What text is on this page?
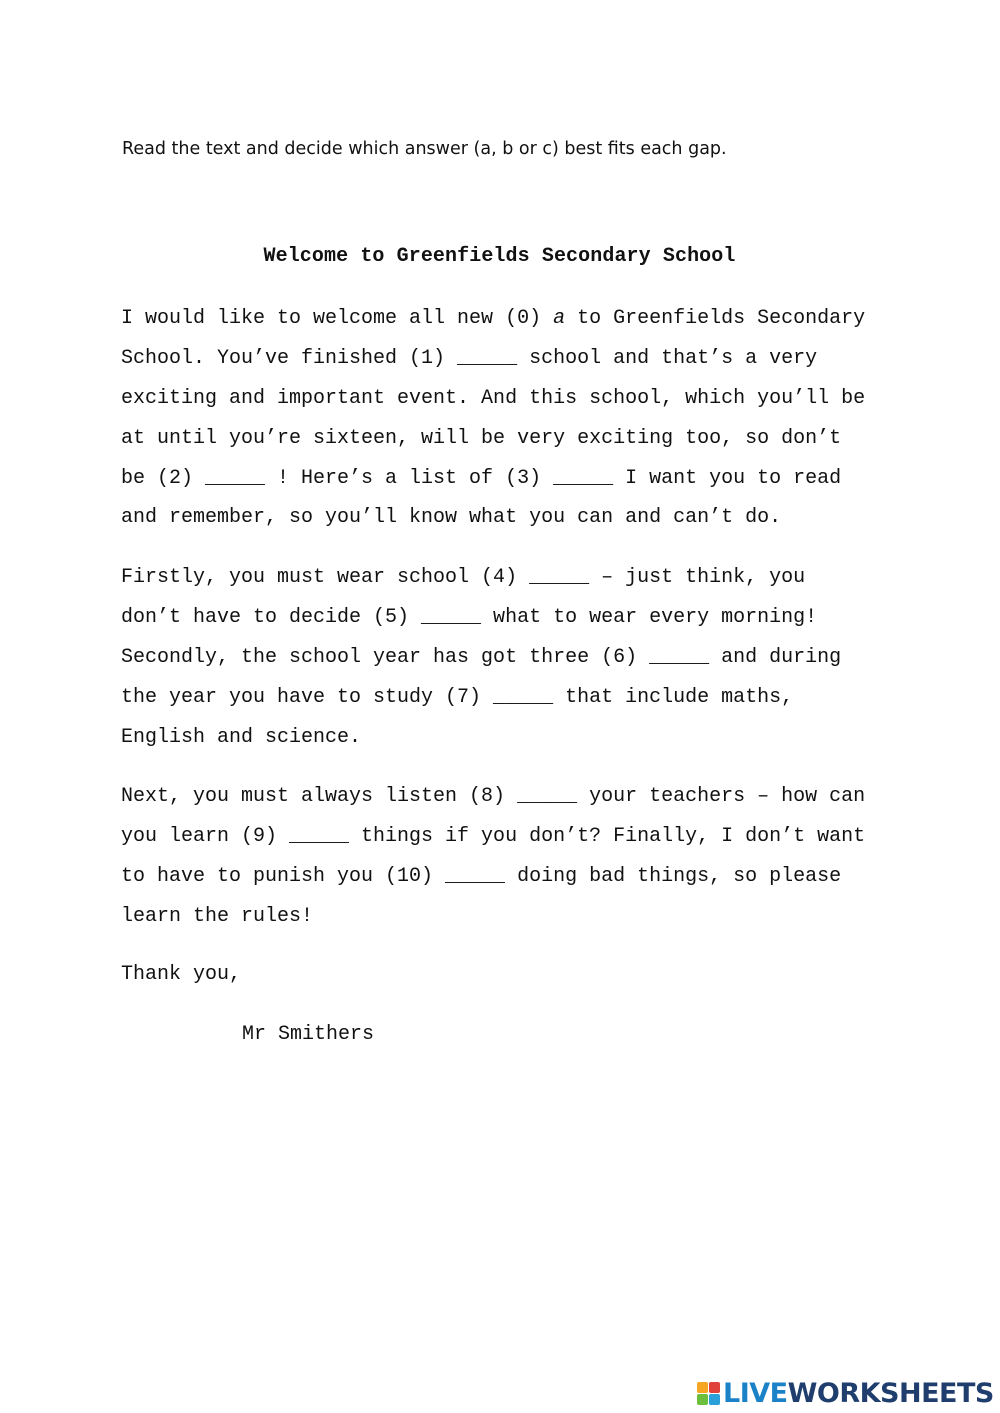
Read the text and decide which answer (a, b or c) best fits each gap.
Welcome to Greenfields Secondary School
I would like to welcome all new (0) a to Greenfields Secondary
School. You’ve finished (1) _____ school and that’s a very
exciting and important event. And this school, which you’ll be
at until you’re sixteen, will be very exciting too, so don’t
be (2) _____ ! Here’s a list of (3) _____ I want you to read
and remember, so you’ll know what you can and can’t do.
Firstly, you must wear school (4) _____ – just think, you
don’t have to decide (5) _____ what to wear every morning!
Secondly, the school year has got three (6) _____ and during
the year you have to study (7) _____ that include maths,
English and science.
Next, you must always listen (8) _____ your teachers – how can
you learn (9) _____ things if you don’t? Finally, I don’t want
to have to punish you (10) _____ doing bad things, so please
learn the rules!
Thank you,
Mr Smithers
LIVEWORKSHEETS
